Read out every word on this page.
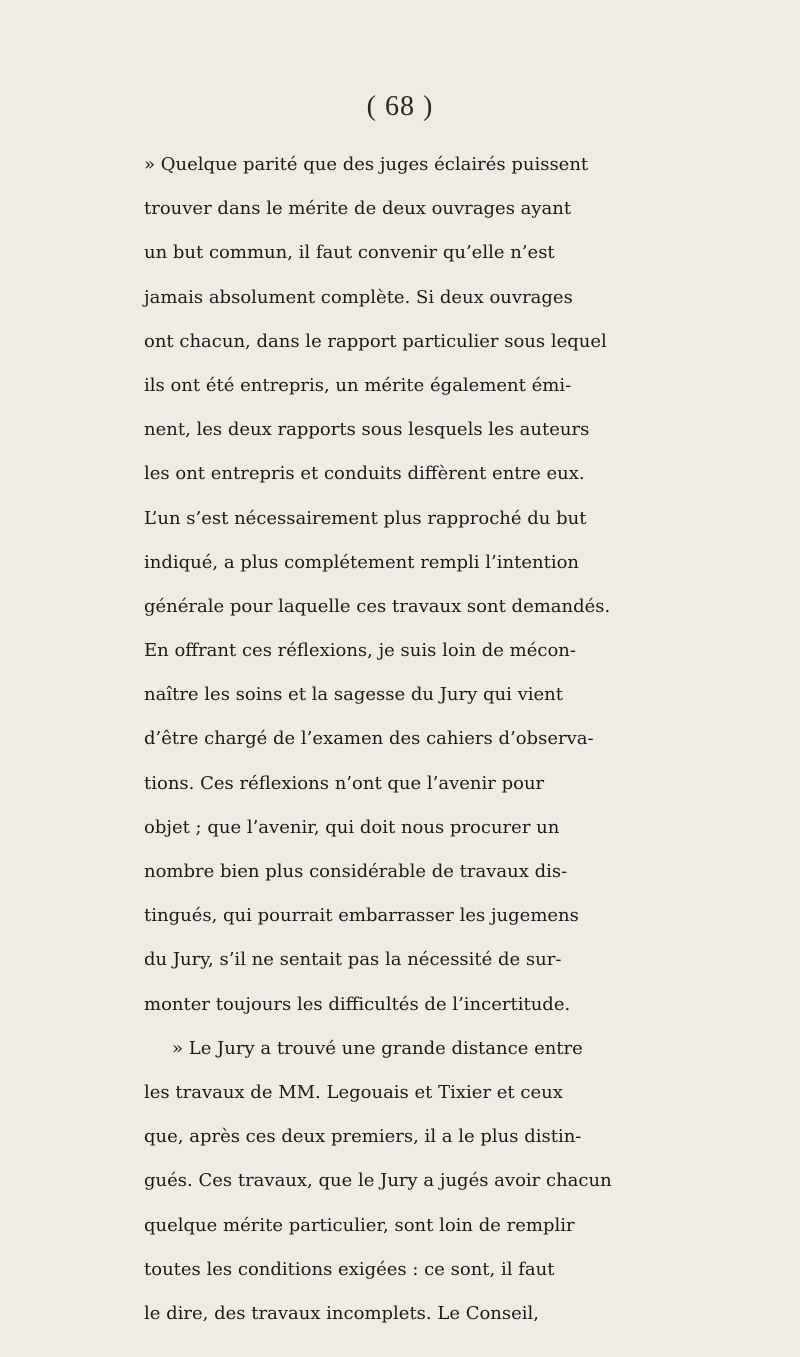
( 68 )
» Quelque parité que des juges éclairés puissent
trouver dans le mérite de deux ouvrages ayant
un but commun, il faut convenir qu’elle n’est
jamais absolument complète. Si deux ouvrages
ont chacun, dans le rapport particulier sous lequel
ils ont été entrepris, un mérite également émi-
nent, les deux rapports sous lesquels les auteurs
les ont entrepris et conduits diffèrent entre eux.
L’un s’est nécessairement plus rapproché du but
indiqué, a plus complétement rempli l’intention
générale pour laquelle ces travaux sont demandés.
En offrant ces réflexions, je suis loin de mécon-
naître les soins et la sagesse du Jury qui vient
d’être chargé de l’examen des cahiers d’observa-
tions. Ces réflexions n’ont que l’avenir pour
objet ; que l’avenir, qui doit nous procurer un
nombre bien plus considérable de travaux dis-
tingués, qui pourrait embarrasser les jugemens
du Jury, s’il ne sentait pas la nécessité de sur-
monter toujours les difficultés de l’incertitude.
» Le Jury a trouvé une grande distance entre
les travaux de MM. Legouais et Tixier et ceux
que, après ces deux premiers, il a le plus distin-
gués. Ces travaux, que le Jury a jugés avoir chacun
quelque mérite particulier, sont loin de remplir
toutes les conditions exigées : ce sont, il faut
le dire, des travaux incomplets. Le Conseil,
